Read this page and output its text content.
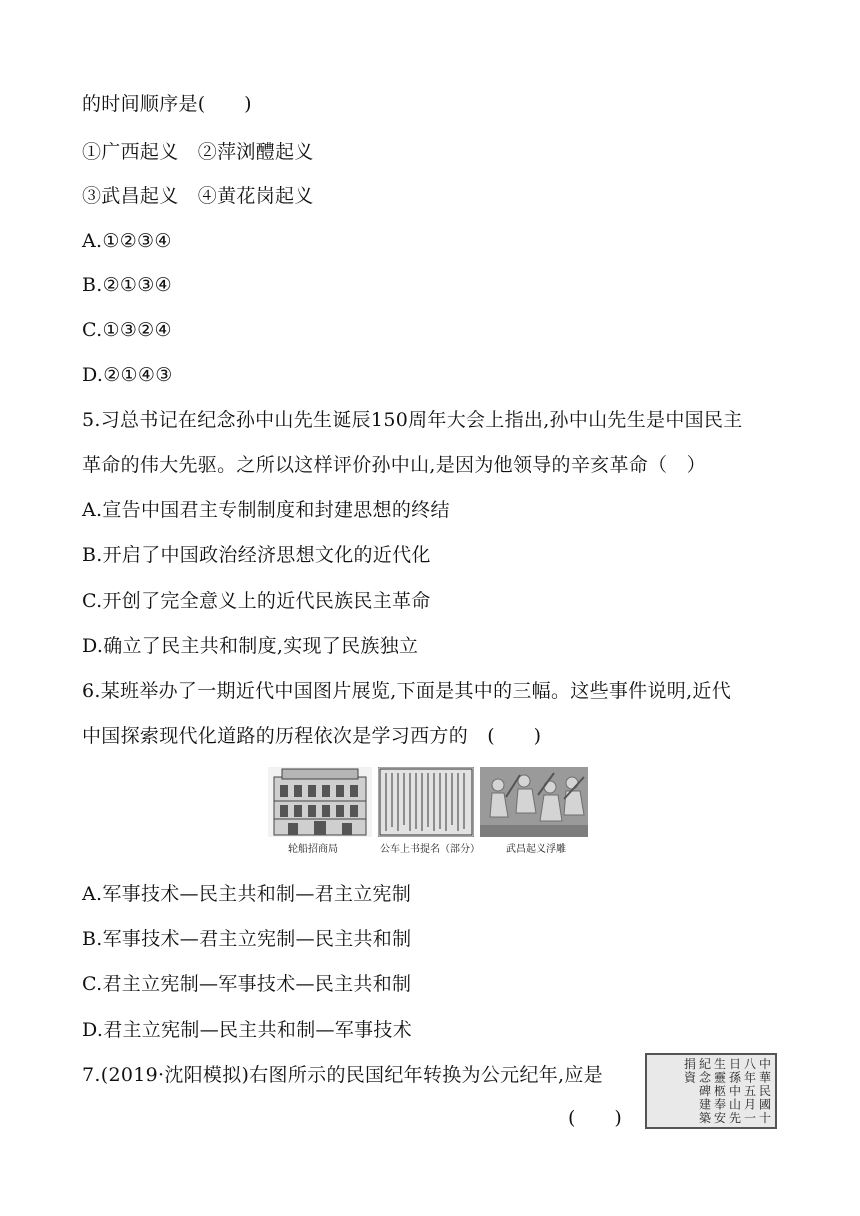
的时间顺序是(　　)
①广西起义　②萍浏醴起义
③武昌起义　④黄花岗起义
A.①②③④
B.②①③④
C.①③②④
D.②①④③
5.习总书记在纪念孙中山先生诞辰150周年大会上指出,孙中山先生是中国民主
革命的伟大先驱。之所以这样评价孙中山,是因为他领导的辛亥革命（　）
A.宣告中国君主专制制度和封建思想的终结
B.开启了中国政治经济思想文化的近代化
C.开创了完全意义上的近代民族民主革命
D.确立了民主共和制度,实现了民族独立
6.某班举办了一期近代中国图片展览,下面是其中的三幅。这些事件说明,近代
中国探索现代化道路的历程依次是学习西方的　(　　)
轮船招商局	公车上书提名（部分）	武昌起义浮雕
A.军事技术—民主共和制—君主立宪制
B.军事技术—君主立宪制—民主共和制
C.君主立宪制—军事技术—民主共和制
D.君主立宪制—民主共和制—军事技术
7.(2019·沈阳模拟)右图所示的民国纪年转换为公元纪年,应是
(　　)
中
華
民
國
十
八
年
五
月
一
日
孫
中
山
先
生
靈
柩
奉
安
紀
念
碑
建
築
捐
資
